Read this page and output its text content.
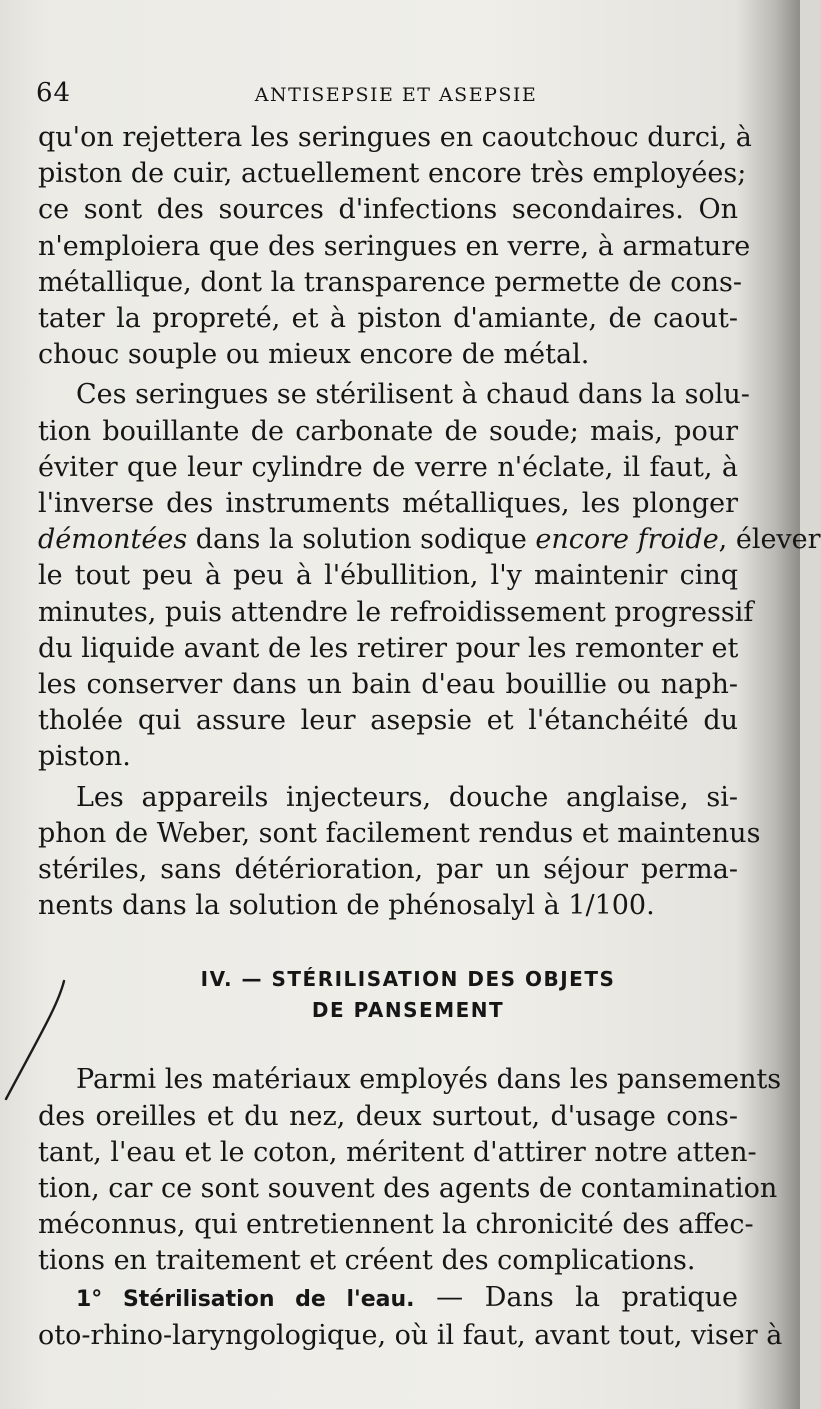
64	ANTISEPSIE ET ASEPSIE
qu'on rejettera les seringues en caoutchouc durci, à
piston de cuir, actuellement encore très employées;
ce sont des sources d'infections secondaires. On
n'emploiera que des seringues en verre, à armature
métallique, dont la transparence permette de cons-
tater la propreté, et à piston d'amiante, de caout-
chouc souple ou mieux encore de métal.
Ces seringues se stérilisent à chaud dans la solu-
tion bouillante de carbonate de soude; mais, pour
éviter que leur cylindre de verre n'éclate, il faut, à
l'inverse des instruments métalliques, les plonger
démontées dans la solution sodique encore froide, élever
le tout peu à peu à l'ébullition, l'y maintenir cinq
minutes, puis attendre le refroidissement progressif
du liquide avant de les retirer pour les remonter et
les conserver dans un bain d'eau bouillie ou naph-
tholée qui assure leur asepsie et l'étanchéité du
piston.
Les appareils injecteurs, douche anglaise, si-
phon de Weber, sont facilement rendus et maintenus
stériles, sans détérioration, par un séjour perma-
nents dans la solution de phénosalyl à 1/100.
IV. — STÉRILISATION DES OBJETS
DE PANSEMENT
Parmi les matériaux employés dans les pansements
des oreilles et du nez, deux surtout, d'usage cons-
tant, l'eau et le coton, méritent d'attirer notre atten-
tion, car ce sont souvent des agents de contamination
méconnus, qui entretiennent la chronicité des affec-
tions en traitement et créent des complications.
1° Stérilisation de l'eau. — Dans la pratique
oto-rhino-laryngologique, où il faut, avant tout, viser à
